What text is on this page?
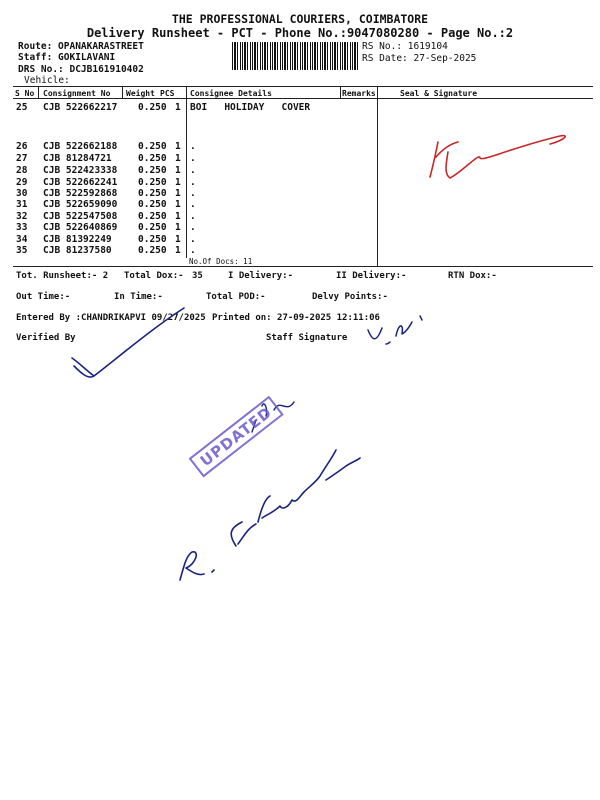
THE PROFESSIONAL COURIERS, COIMBATORE
Delivery Runsheet - PCT - Phone No.:9047080280 - Page No.:2
Route: OPANAKARASTREET
Staff: GOKILAVANI
DRS No.: DCJB161910402
Vehicle:
RS No.: 1619104
RS Date: 27-Sep-2025
S No Consignment No Weight PCS Consignee Details	Remarks	Seal & Signature
25 CJB 522662217 0.250 1 BOI   HOLIDAY   COVER
26 CJB 522662188 0.250 1 .
27 CJB 81284721	0.250 1 .
28 CJB 522423338 0.250 1 .
29 CJB 522662241 0.250 1 .
30 CJB 522592868 0.250 1 .
31 CJB 522659090 0.250 1 .
32 CJB 522547508 0.250 1 .
33 CJB 522640869 0.250 1 .
34 CJB 81392249	0.250 1 .
35 CJB 81237580	0.250 1 .
No.Of Docs: 11
Tot. Runsheet:- 2 Total Dox:- 35	I Delivery:-	II Delivery:-	RTN Dox:-
Out Time:-	In Time:-	Total POD:-	Delvy Points:-
Entered By :CHANDRIKAPVI 09/27/2025 Printed on: 27-09-2025 12:11:06
Verified By	Staff Signature
UPDATED
